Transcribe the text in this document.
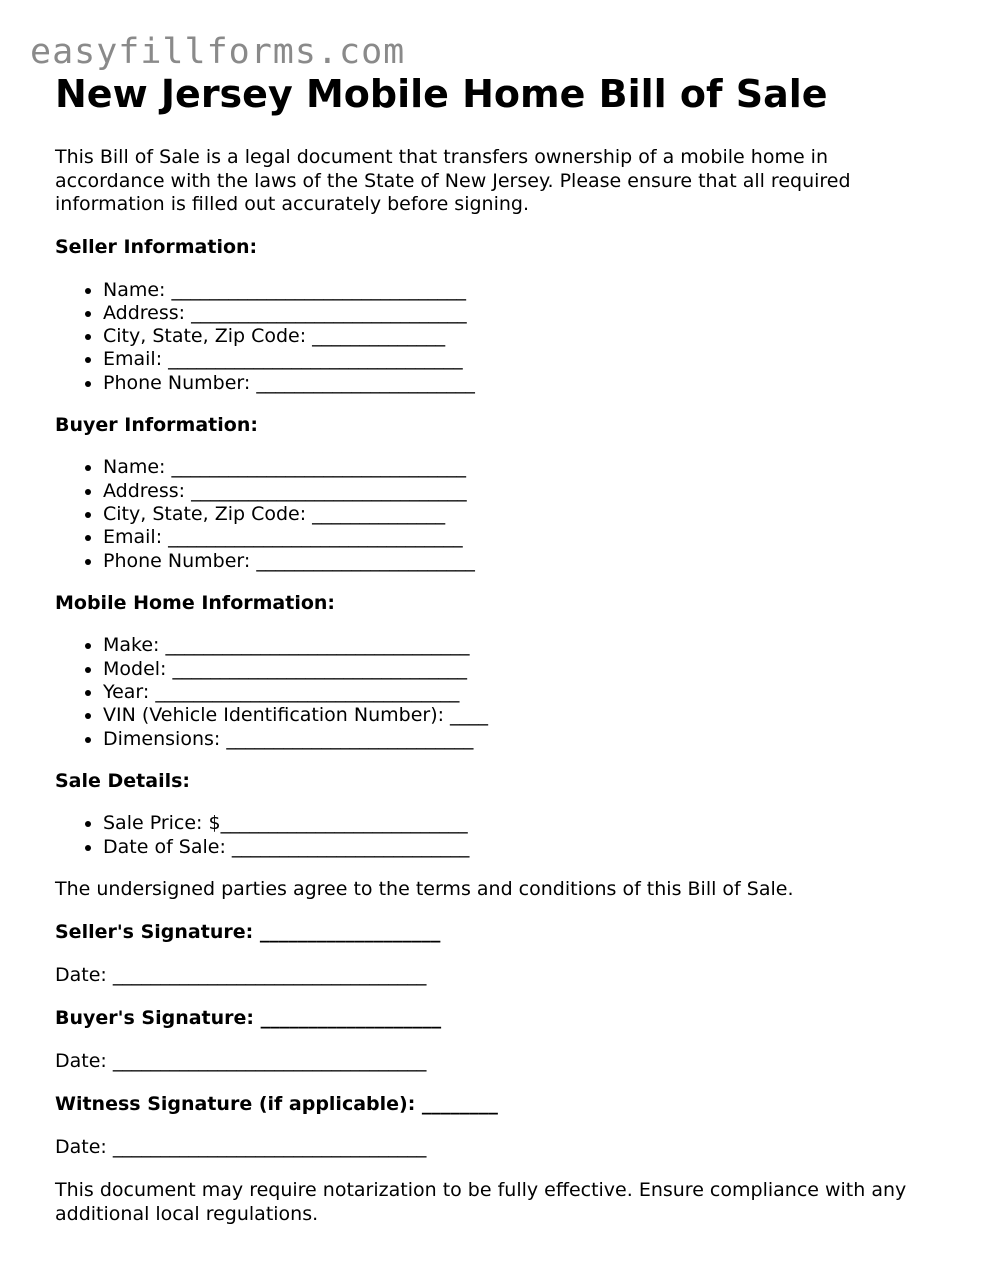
easyfillforms.com

New Jersey Mobile Home Bill of Sale

This Bill of Sale is a legal document that transfers ownership of a mobile home in accordance with the laws of the State of New Jersey. Please ensure that all required information is filled out accurately before signing.

Seller Information:

• Name: _______________________________
• Address: _____________________________
• City, State, Zip Code: ______________
• Email: _______________________________
• Phone Number: _______________________

Buyer Information:

• Name: _______________________________
• Address: _____________________________
• City, State, Zip Code: ______________
• Email: _______________________________
• Phone Number: _______________________

Mobile Home Information:

• Make: ________________________________
• Model: _______________________________
• Year: ________________________________
• VIN (Vehicle Identification Number): ____
• Dimensions: __________________________

Sale Details:

• Sale Price: $__________________________
• Date of Sale: _________________________

The undersigned parties agree to the terms and conditions of this Bill of Sale.

Seller's Signature: ___________________

Date: _________________________________

Buyer's Signature: ___________________

Date: _________________________________

Witness Signature (if applicable): ________

Date: _________________________________

This document may require notarization to be fully effective. Ensure compliance with any additional local regulations.
